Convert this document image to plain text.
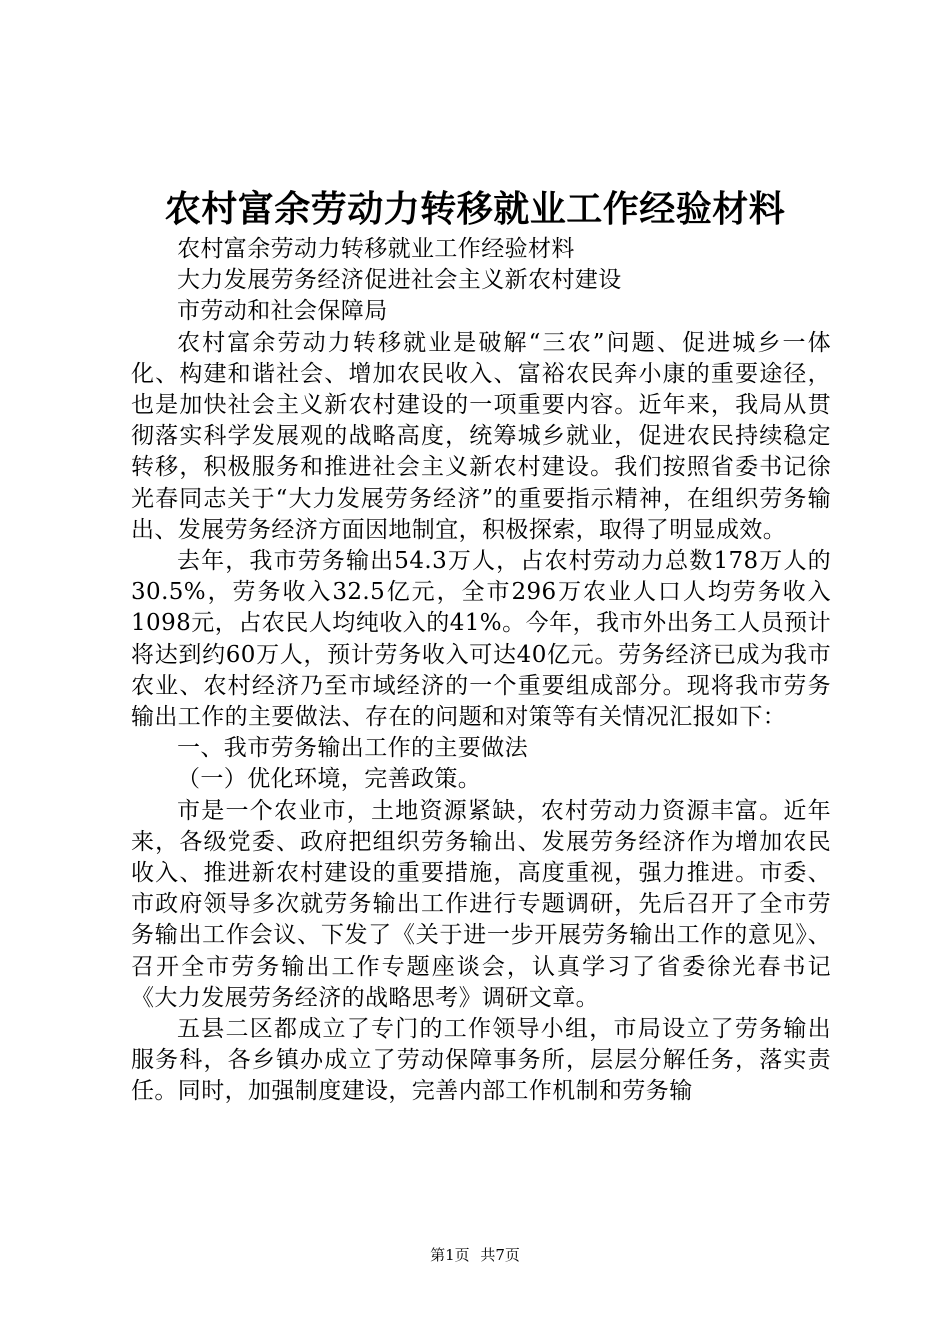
农村富余劳动力转移就业工作经验材料

农村富余劳动力转移就业工作经验材料

大力发展劳务经济促进社会主义新农村建设

市劳动和社会保障局

农村富余劳动力转移就业是破解“三农”问题、促进城乡一体化、构建和谐社会、增加农民收入、富裕农民奔小康的重要途径，也是加快社会主义新农村建设的一项重要内容。近年来，我局从贯彻落实科学发展观的战略高度，统筹城乡就业，促进农民持续稳定转移，积极服务和推进社会主义新农村建设。我们按照省委书记徐光春同志关于“大力发展劳务经济”的重要指示精神，在组织劳务输出、发展劳务经济方面因地制宜，积极探索，取得了明显成效。

去年，我市劳务输出54.3万人，占农村劳动力总数178万人的30.5%，劳务收入32.5亿元，全市296万农业人口人均劳务收入1098元，占农民人均纯收入的41%。今年，我市外出务工人员预计将达到约60万人，预计劳务收入可达40亿元。劳务经济已成为我市农业、农村经济乃至市域经济的一个重要组成部分。现将我市劳务输出工作的主要做法、存在的问题和对策等有关情况汇报如下：

一、我市劳务输出工作的主要做法

（一）优化环境，完善政策。

市是一个农业市，土地资源紧缺，农村劳动力资源丰富。近年来，各级党委、政府把组织劳务输出、发展劳务经济作为增加农民收入、推进新农村建设的重要措施，高度重视，强力推进。市委、市政府领导多次就劳务输出工作进行专题调研，先后召开了全市劳务输出工作会议、下发了《关于进一步开展劳务输出工作的意见》、召开全市劳务输出工作专题座谈会，认真学习了省委徐光春书记《大力发展劳务经济的战略思考》调研文章。

五县二区都成立了专门的工作领导小组，市局设立了劳务输出服务科，各乡镇办成立了劳动保障事务所，层层分解任务，落实责任。同时，加强制度建设，完善内部工作机制和劳务输

第1页 共7页
